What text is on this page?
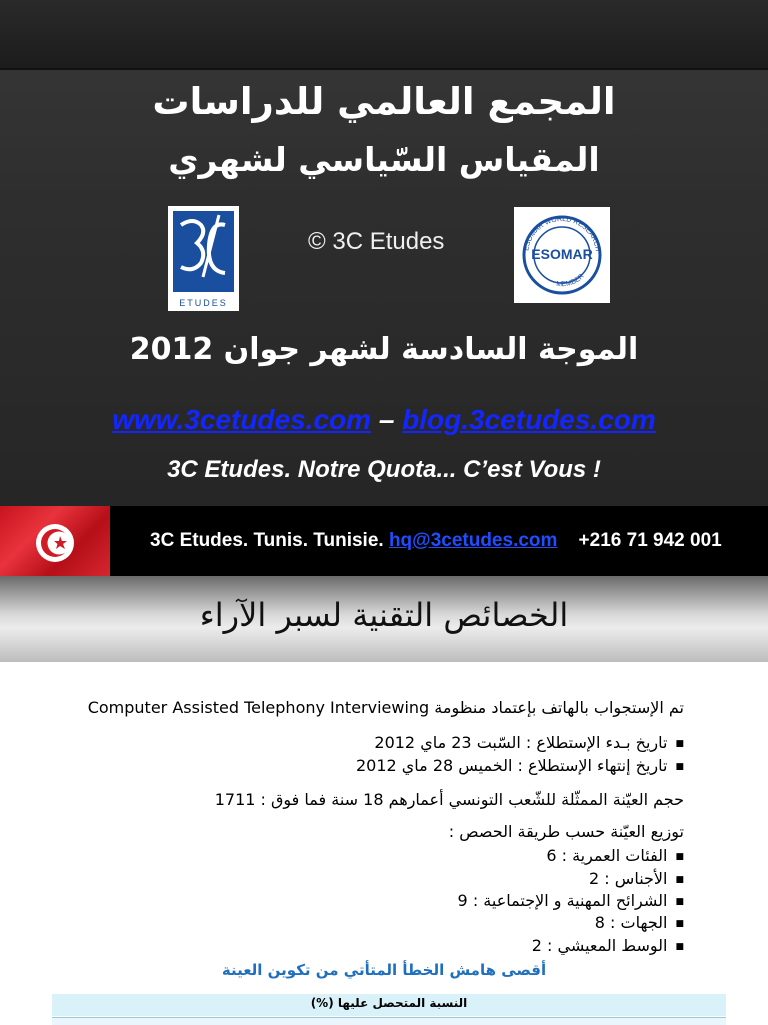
المجمع العالمي للدراسات
المقياس السّياسي لشهري
ETUDES
© 3C Etudes	ESOMAR WORLD RESEARCH
MEMBER
ESOMAR
الموجة السادسة لشهر جوان 2012
www.3cetudes.com – blog.3cetudes.com
3C Etudes. Notre Quota... C’est Vous !
3C Etudes. Tunis. Tunisie. hq@3cetudes.com +216 71 942 001
الخصائص التقنية لسبر الآراء
تم الإستجواب بالهاتف بإعتماد منظومة Computer Assisted Telephony Interviewing
■ تاريخ بـدء الإستطلاع : السّبت 23 ماي 2012
■ تاريخ إنتهاء الإستطلاع : الخميس 28 ماي 2012
حجم العيّنة الممثّلة للشّعب التونسي أعمارهم 18 سنة فما فوق : 1711
توزيع العيّنة حسب طريقة الحصص :
■ الفئات العمرية : 6
■ الأجناس : 2
■ الشرائح المهنية و الإجتماعية : 9
■ الجهات : 8
■ الوسط المعيشي : 2
أقصى هامش الخطأ المتأتي من تكوين العينة
النسبة المتحصل عليها (%)
